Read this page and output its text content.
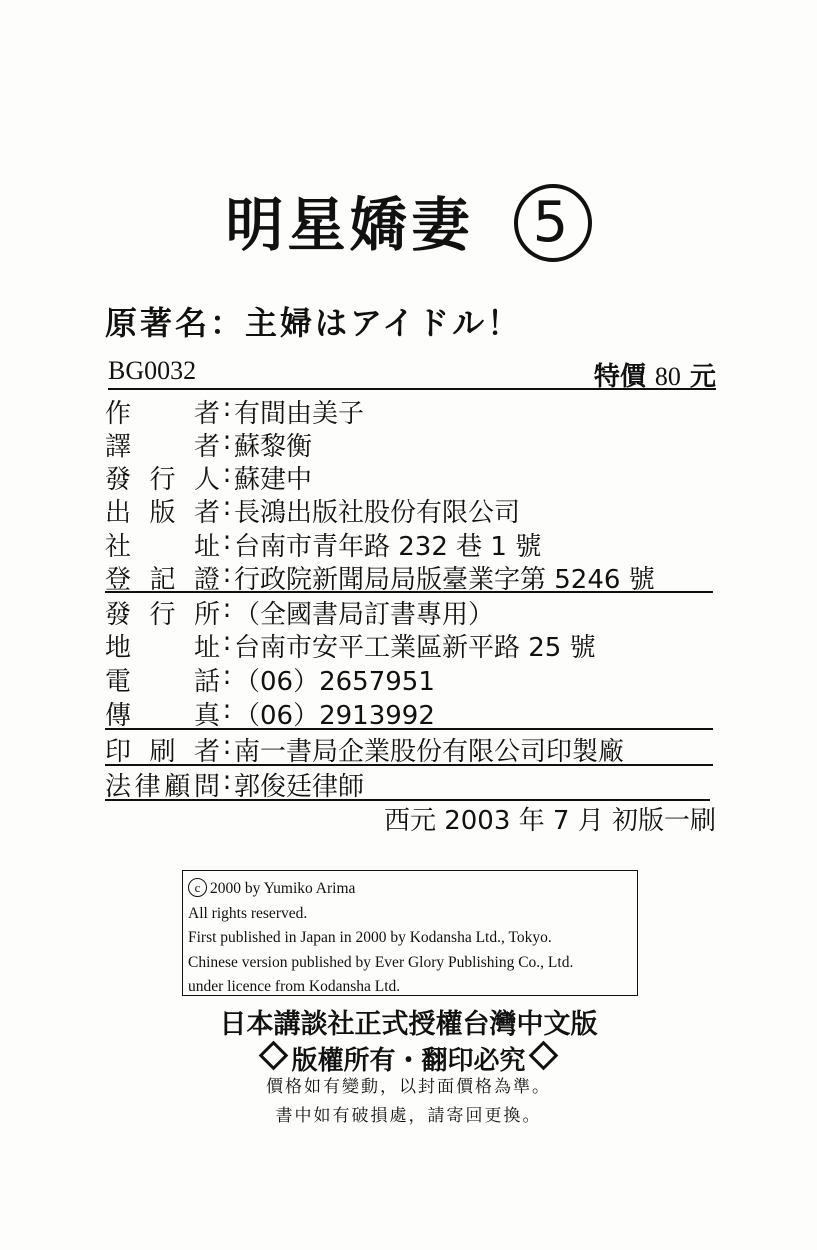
明星嬌妻 5
原著名：主婦はアイドル！
BG0032	特價 80 元
作者 : 有間由美子
譯者 : 蘇黎衡
發行人 : 蘇建中
出版者 : 長鴻出版社股份有限公司
社址 : 台南市青年路 232 巷 1 號
登記證 : 行政院新聞局局版臺業字第 5246 號
發行所 : （全國書局訂書專用）
地址 : 台南市安平工業區新平路 25 號
電話 : （06）2657951
傳真 : （06）2913992
印刷者 : 南一書局企業股份有限公司印製廠
法律顧問 : 郭俊廷律師
西元 2003 年 7 月 初版一刷
c 2000 by Yumiko Arima
All rights reserved.
First published in Japan in 2000 by Kodansha Ltd., Tokyo.
Chinese version published by Ever Glory Publishing Co., Ltd.
under licence from Kodansha Ltd.
日本講談社正式授權台灣中文版
版權所有・翻印必究
價格如有變動，以封面價格為準。
書中如有破損處，請寄回更換。
